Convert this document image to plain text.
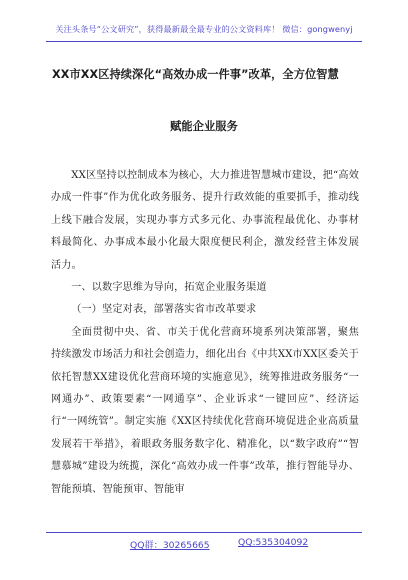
关注头条号“公文研究”，获得最新最全最专业的公文资料库！ 微信：gongwenyj
XX市XX区持续深化“高效办成一件事”改革，全方位智慧
赋能企业服务

XX区坚持以控制成本为核心，大力推进智慧城市建设，把“高效办成一件事”作为优化政务服务、提升行政效能的重要抓手，推动线上线下融合发展，实现办事方式多元化、办事流程最优化、办事材料最简化、办事成本最小化最大限度便民利企，激发经营主体发展活力。

一、以数字思维为导向，拓宽企业服务渠道

（一）坚定对表，部署落实省市改革要求

全面贯彻中央、省、市关于优化营商环境系列决策部署，聚焦持续激发市场活力和社会创造力，细化出台《中共XX市XX区委关于依托智慧XX建设优化营商环境的实施意见》，统筹推进政务服务“一网通办”、政策要素“一网通享”、企业诉求“一键回应”、经济运行“一网统管”。制定实施《XX区持续优化营商环境促进企业高质量发展若干举措》，着眼政务服务数字化、精准化，以“数字政府”“智慧慕城”建设为统揽，深化“高效办成一件事”改革，推行智能导办、智能预填、智能预审、智能审

QQ群：30265665	QQ:535304092
